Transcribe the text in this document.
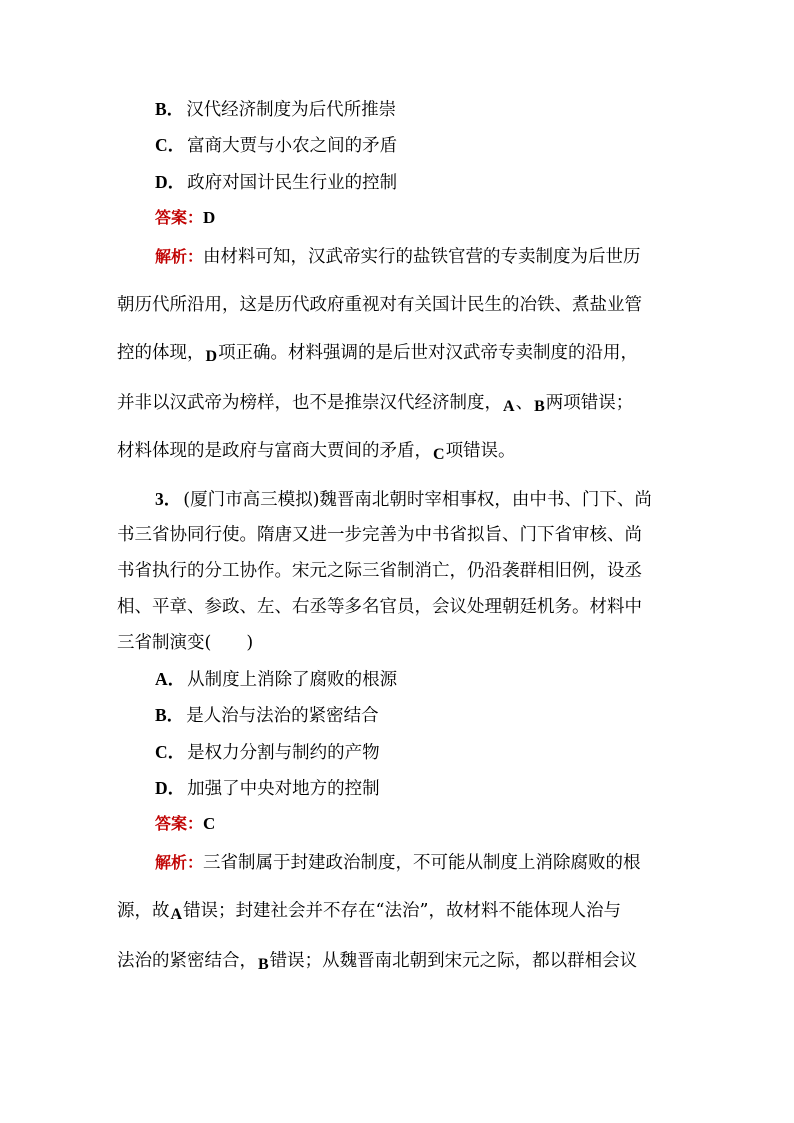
B． 汉代经济制度为后代所推崇
C． 富商大贾与小农之间的矛盾
D． 政府对国计民生行业的控制
答案：D
解析：由材料可知，汉武帝实行的盐铁官营的专卖制度为后世历
朝历代所沿用，这是历代政府重视对有关国计民生的冶铁、煮盐业管
控的体现，D项正确。材料强调的是后世对汉武帝专卖制度的沿用，
并非以汉武帝为榜样，也不是推崇汉代经济制度，A、B两项错误；
材料体现的是政府与富商大贾间的矛盾，C项错误。
3． (厦门市高三模拟)魏晋南北朝时宰相事权，由中书、门下、尚
书三省协同行使。隋唐又进一步完善为中书省拟旨、门下省审核、尚
书省执行的分工协作。宋元之际三省制消亡，仍沿袭群相旧例，设丞
相、平章、参政、左、右丞等多名官员，会议处理朝廷机务。材料中
三省制演变(　　)
A． 从制度上消除了腐败的根源
B． 是人治与法治的紧密结合
C． 是权力分割与制约的产物
D． 加强了中央对地方的控制
答案：C
解析：三省制属于封建政治制度，不可能从制度上消除腐败的根
源，故A错误；封建社会并不存在“法治”，故材料不能体现人治与
法治的紧密结合，B错误；从魏晋南北朝到宋元之际，都以群相会议
